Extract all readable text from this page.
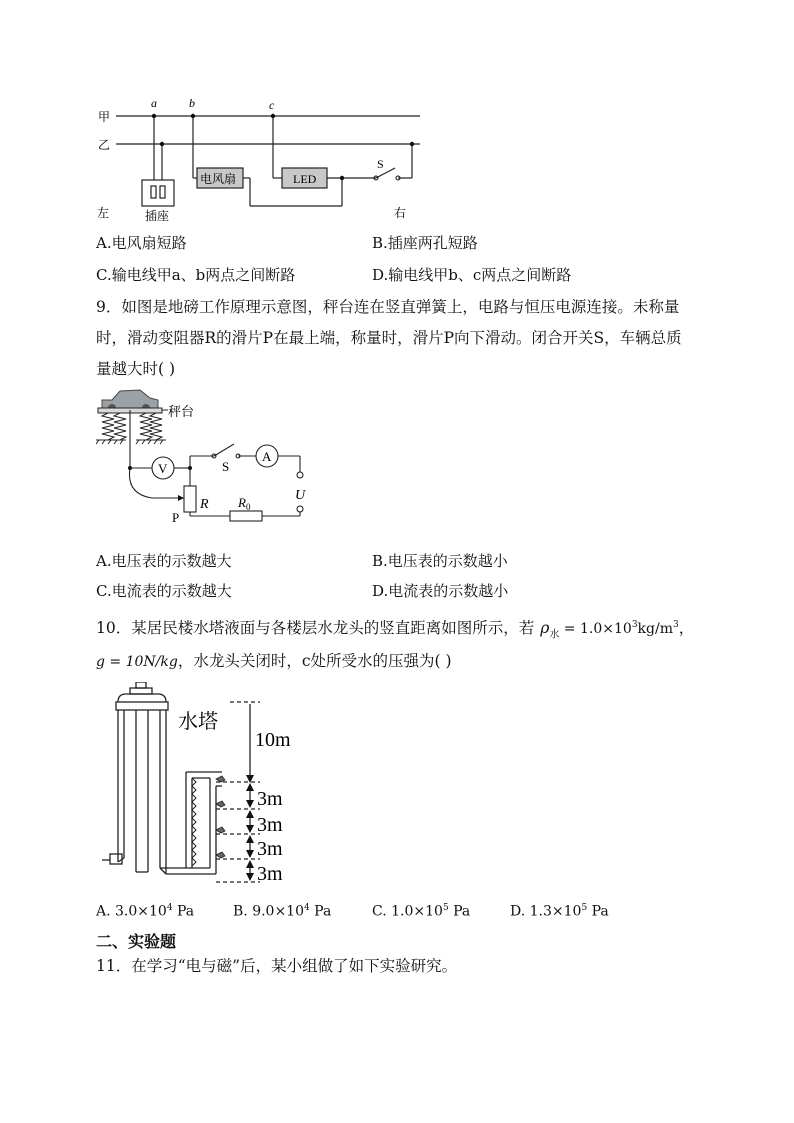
甲
乙
a	b	c
电风扇	LED
S
插座
左	右
A.电风扇短路	B.插座两孔短路
C.输电线甲a、b两点之间断路	D.输电线甲b、c两点之间断路
9．如图是地磅工作原理示意图，秤台连在竖直弹簧上，电路与恒压电源连接。未称量
时，滑动变阻器R的滑片P在最上端，称量时，滑片P向下滑动。闭合开关S，车辆总质
量越大时( )
秤台
V
A
S
U
R
P
$R_0$
A.电压表的示数越大	B.电压表的示数越小
C.电流表的示数越大	D.电流表的示数越小
10．某居民楼水塔液面与各楼层水龙头的竖直距离如图所示，若 $\rho_水 = 1.0\times 10^3kg/m^3$，
g = 10N/kg，水龙头关闭时，c处所受水的压强为( )
水塔
10m
3m
3m
3m
3m
A. $3.0\times 10^4$ Pa	B. $9.0\times 10^4$ Pa	C. $1.0\times 10^5$ Pa	D. $1.3\times 10^5$ Pa
二、实验题
11．在学习“电与磁”后，某小组做了如下实验研究。
